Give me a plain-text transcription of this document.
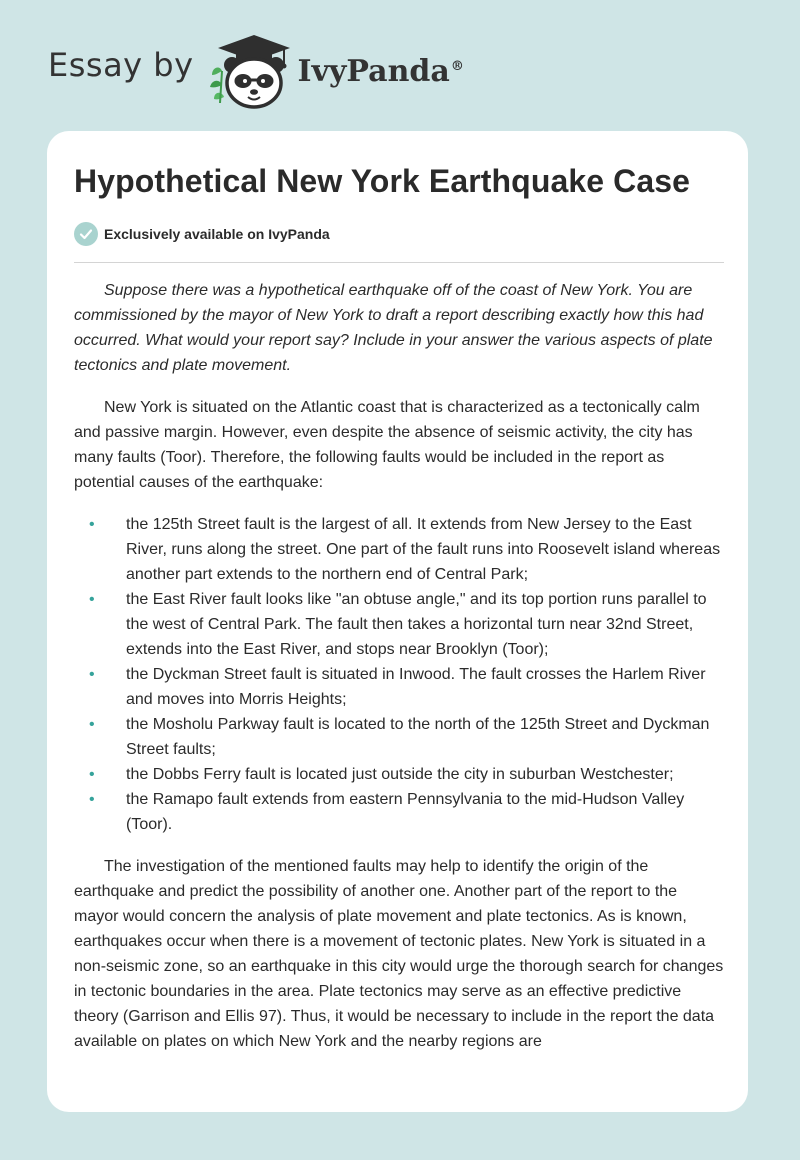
Essay by	IvyPanda®
Hypothetical New York Earthquake Case
Exclusively available on IvyPanda

Suppose there was a hypothetical earthquake off of the coast of New York. You are commissioned by the mayor of New York to draft a report describing exactly how this had occurred. What would your report say? Include in your answer the various aspects of plate tectonics and plate movement.

New York is situated on the Atlantic coast that is characterized as a tectonically calm and passive margin. However, even despite the absence of seismic activity, the city has many faults (Toor). Therefore, the following faults would be included in the report as potential causes of the earthquake:

• the 125th Street fault is the largest of all. It extends from New Jersey to the East River, runs along the street. One part of the fault runs into Roosevelt island whereas another part extends to the northern end of Central Park;
• the East River fault looks like "an obtuse angle," and its top portion runs parallel to the west of Central Park. The fault then takes a horizontal turn near 32nd Street, extends into the East River, and stops near Brooklyn (Toor);
• the Dyckman Street fault is situated in Inwood. The fault crosses the Harlem River and moves into Morris Heights;
• the Mosholu Parkway fault is located to the north of the 125th Street and Dyckman Street faults;
• the Dobbs Ferry fault is located just outside the city in suburban Westchester;
• the Ramapo fault extends from eastern Pennsylvania to the mid-Hudson Valley (Toor).

The investigation of the mentioned faults may help to identify the origin of the earthquake and predict the possibility of another one. Another part of the report to the mayor would concern the analysis of plate movement and plate tectonics. As is known, earthquakes occur when there is a movement of tectonic plates. New York is situated in a non-seismic zone, so an earthquake in this city would urge the thorough search for changes in tectonic boundaries in the area. Plate tectonics may serve as an effective predictive theory (Garrison and Ellis 97). Thus, it would be necessary to include in the report the data available on plates on which New York and the nearby regions are
